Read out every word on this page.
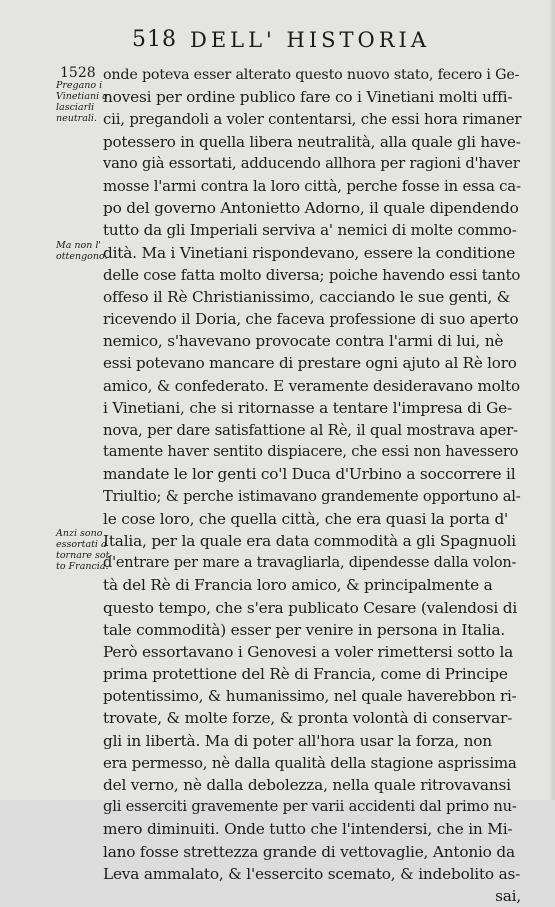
518 DELL' HISTORIA
1528
Pregano i
Vinetiani a
lasciarli
neutrali.
Ma non l'
ottengono.
Anzi sono
essortati a
tornare sot-
to Francia.
onde poteva esser alterato questo nuovo stato, fecero i Ge-
novesi per ordine publico fare co i Vinetiani molti uffi-
cii, pregandoli a voler contentarsi, che essi hora rimaner
potessero in quella libera neutralità, alla quale gli have-
vano già essortati, adducendo allhora per ragioni d'haver
mosse l'armi contra la loro città, perche fosse in essa ca-
po del governo Antonietto Adorno, il quale dipendendo
tutto da gli Imperiali serviva a' nemici di molte commo-
dità. Ma i Vinetiani rispondevano, essere la conditione
delle cose fatta molto diversa; poiche havendo essi tanto
offeso il Rè Christianissimo, cacciando le sue genti, &
ricevendo il Doria, che faceva professione di suo aperto
nemico, s'havevano provocate contra l'armi di lui, nè
essi potevano mancare di prestare ogni ajuto al Rè loro
amico, & confederato. E veramente desideravano molto
i Vinetiani, che si ritornasse a tentare l'impresa di Ge-
nova, per dare satisfattione al Rè, il qual mostrava aper-
tamente haver sentito dispiacere, che essi non havessero
mandate le lor genti co'l Duca d'Urbino a soccorrere il
Triultio; & perche istimavano grandemente opportuno al-
le cose loro, che quella città, che era quasi la porta d'
Italia, per la quale era data commodità a gli Spagnuoli
d'entrare per mare a travagliarla, dipendesse dalla volon-
tà del Rè di Francia loro amico, & principalmente a
questo tempo, che s'era publicato Cesare (valendosi di
tale commodità) esser per venire in persona in Italia.
Però essortavano i Genovesi a voler rimettersi sotto la
prima protettione del Rè di Francia, come di Principe
potentissimo, & humanissimo, nel quale haverebbon ri-
trovate, & molte forze, & pronta volontà di conservar-
gli in libertà. Ma di poter all'hora usar la forza, non
era permesso, nè dalla qualità della stagione asprissima
del verno, nè dalla debolezza, nella quale ritrovavansi
gli esserciti gravemente per varii accidenti dal primo nu-
mero diminuiti. Onde tutto che l'intendersi, che in Mi-
lano fosse strettezza grande di vettovaglie, Antonio da
Leva ammalato, & l'essercito scemato, & indebolito as-
sai,
